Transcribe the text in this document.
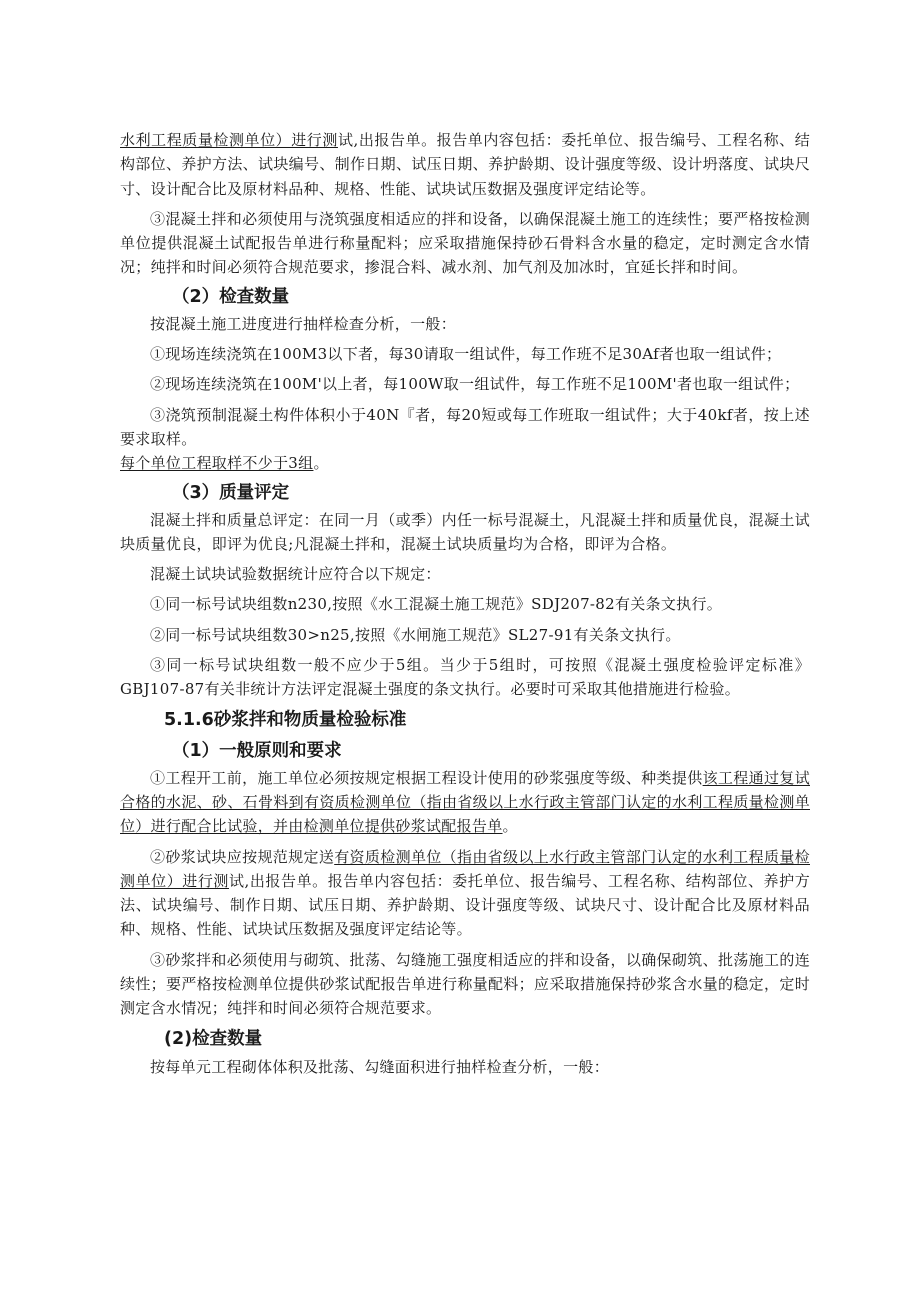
水利工程质量检测单位）进行测试,出报告单。报告单内容包括：委托单位、报告编号、工程名称、结构部位、养护方法、试块编号、制作日期、试压日期、养护龄期、设计强度等级、设计坍落度、试块尺寸、设计配合比及原材料品种、规格、性能、试块试压数据及强度评定结论等。

③混凝土拌和必须使用与浇筑强度相适应的拌和设备，以确保混凝土施工的连续性；要严格按检测单位提供混凝土试配报告单进行称量配料；应采取措施保持砂石骨料含水量的稳定，定时测定含水情况；纯拌和时间必须符合规范要求，掺混合料、减水剂、加气剂及加冰时，宜延长拌和时间。

（2）检查数量

按混凝土施工进度进行抽样检查分析，一般：

①现场连续浇筑在100M3以下者，每30请取一组试件，每工作班不足30Af者也取一组试件；

②现场连续浇筑在100M'以上者，每100W取一组试件，每工作班不足100M'者也取一组试件；

③浇筑预制混凝土构件体积小于40N『者，每20短或每工作班取一组试件；大于40kf者，按上述要求取样。

每个单位工程取样不少于3组。

（3）质量评定

混凝土拌和质量总评定：在同一月（或季）内任一标号混凝土，凡混凝土拌和质量优良，混凝土试块质量优良，即评为优良;凡混凝土拌和，混凝土试块质量均为合格，即评为合格。

混凝土试块试验数据统计应符合以下规定：

①同一标号试块组数n230,按照《水工混凝土施工规范》SDJ207-82有关条文执行。

②同一标号试块组数30>n25,按照《水闸施工规范》SL27-91有关条文执行。

③同一标号试块组数一般不应少于5组。当少于5组时，可按照《混凝土强度检验评定标准》GBJ107-87有关非统计方法评定混凝土强度的条文执行。必要时可采取其他措施进行检验。

5.1.6砂浆拌和物质量检验标准
（1）一般原则和要求

①工程开工前，施工单位必须按规定根据工程设计使用的砂浆强度等级、种类提供该工程通过复试合格的水泥、砂、石骨料到有资质检测单位（指由省级以上水行政主管部门认定的水利工程质量检测单位）进行配合比试验，并由检测单位提供砂浆试配报告单。

②砂浆试块应按规范规定送有资质检测单位（指由省级以上水行政主管部门认定的水利工程质量检测单位）进行测试,出报告单。报告单内容包括：委托单位、报告编号、工程名称、结构部位、养护方法、试块编号、制作日期、试压日期、养护龄期、设计强度等级、试块尺寸、设计配合比及原材料品种、规格、性能、试块试压数据及强度评定结论等。

③砂浆拌和必须使用与砌筑、批荡、勾缝施工强度相适应的拌和设备，以确保砌筑、批荡施工的连续性；要严格按检测单位提供砂浆试配报告单进行称量配料；应采取措施保持砂浆含水量的稳定，定时测定含水情况；纯拌和时间必须符合规范要求。

(2)检查数量

按每单元工程砌体体积及批荡、勾缝面积进行抽样检查分析，一般：
